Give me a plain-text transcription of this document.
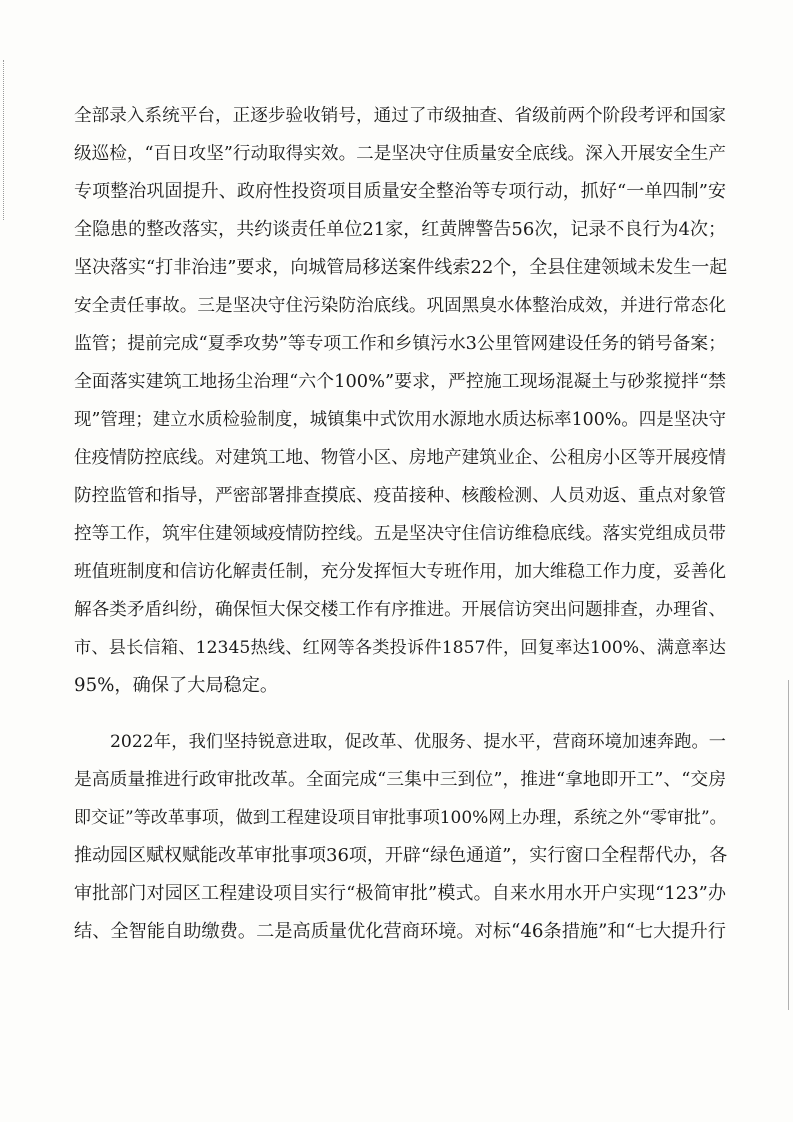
全部录入系统平台，正逐步验收销号，通过了市级抽查、省级前两个阶段考评和国家
级巡检，“百日攻坚”行动取得实效。二是坚决守住质量安全底线。深入开展安全生产
专项整治巩固提升、政府性投资项目质量安全整治等专项行动，抓好“一单四制”安
全隐患的整改落实，共约谈责任单位21家，红黄牌警告56次，记录不良行为4次；
坚决落实“打非治违”要求，向城管局移送案件线索22个，全县住建领域未发生一起
安全责任事故。三是坚决守住污染防治底线。巩固黑臭水体整治成效，并进行常态化
监管；提前完成“夏季攻势”等专项工作和乡镇污水3公里管网建设任务的销号备案；
全面落实建筑工地扬尘治理“六个100%”要求，严控施工现场混凝土与砂浆搅拌“禁
现”管理；建立水质检验制度，城镇集中式饮用水源地水质达标率100%。四是坚决守
住疫情防控底线。对建筑工地、物管小区、房地产建筑业企、公租房小区等开展疫情
防控监管和指导，严密部署排查摸底、疫苗接种、核酸检测、人员劝返、重点对象管
控等工作，筑牢住建领域疫情防控线。五是坚决守住信访维稳底线。落实党组成员带
班值班制度和信访化解责任制，充分发挥恒大专班作用，加大维稳工作力度，妥善化
解各类矛盾纠纷，确保恒大保交楼工作有序推进。开展信访突出问题排查，办理省、
市、县长信箱、12345热线、红网等各类投诉件1857件，回复率达100%、满意率达
95%，确保了大局稳定。
2022年，我们坚持锐意进取，促改革、优服务、提水平，营商环境加速奔跑。一
是高质量推进行政审批改革。全面完成“三集中三到位”，推进“拿地即开工”、“交房
即交证”等改革事项，做到工程建设项目审批事项100%网上办理，系统之外“零审批”。
推动园区赋权赋能改革审批事项36项，开辟“绿色通道”，实行窗口全程帮代办，各
审批部门对园区工程建设项目实行“极简审批”模式。自来水用水开户实现“123”办
结、全智能自助缴费。二是高质量优化营商环境。对标“46条措施”和“七大提升行
